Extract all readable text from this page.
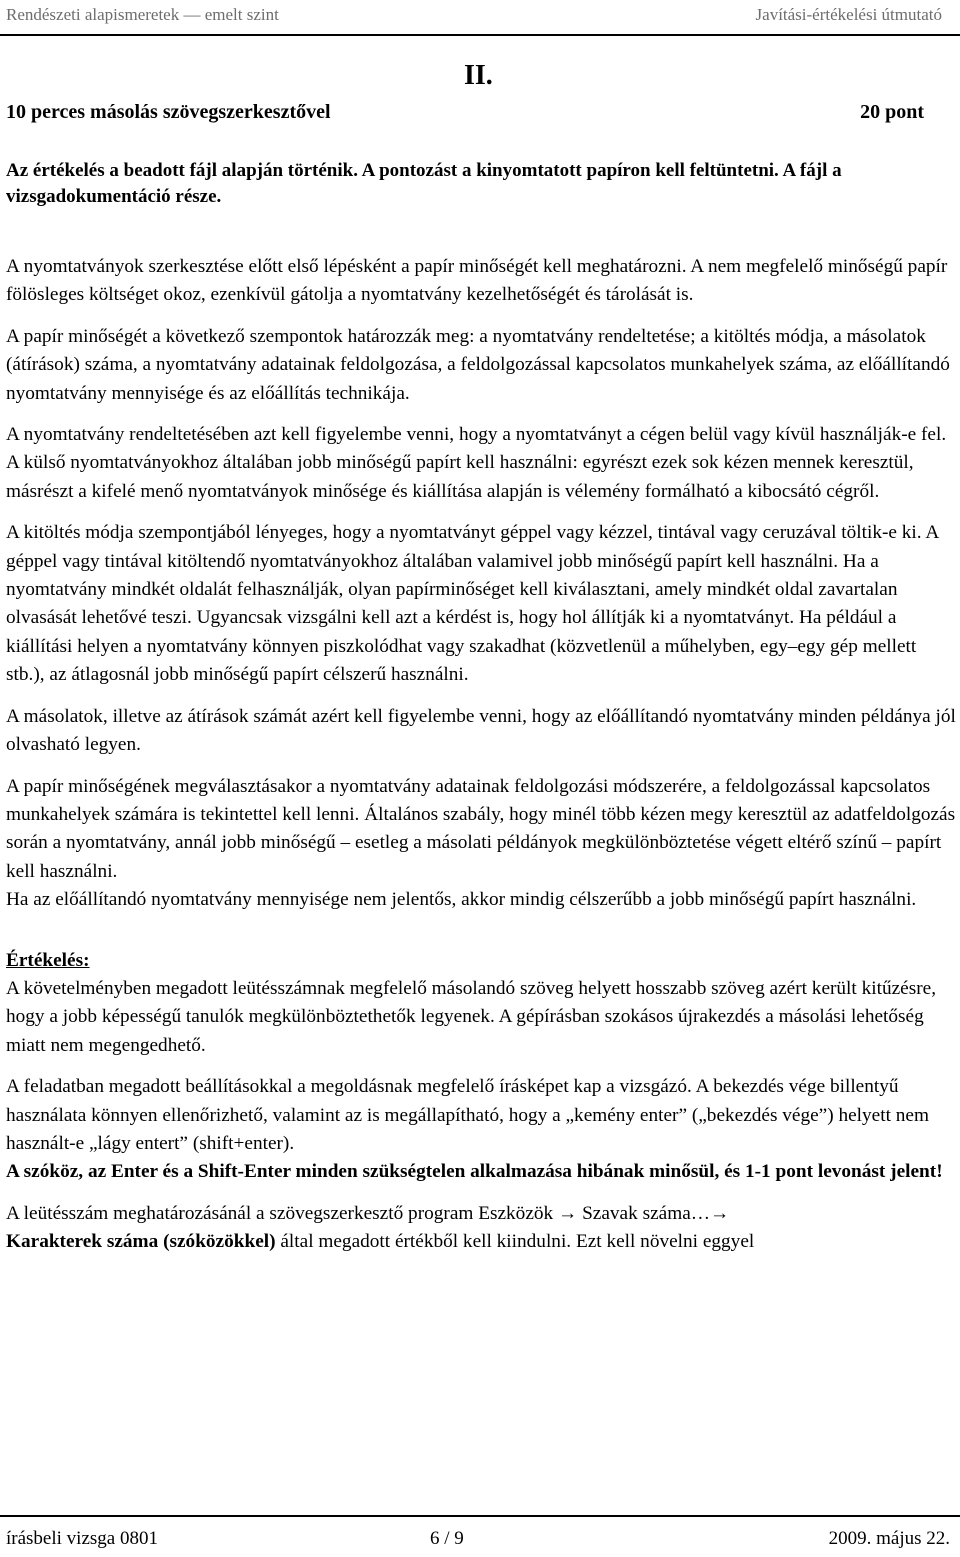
Rendészeti alapismeretek — emelt szint	Javítási-értékelési útmutató
II.
10 perces másolás szövegszerkesztővel	20 pont
Az értékelés a beadott fájl alapján történik. A pontozást a kinyomtatott papíron kell feltüntetni. A fájl a vizsgadokumentáció része.

A nyomtatványok szerkesztése előtt első lépésként a papír minőségét kell meghatározni. A nem megfelelő minőségű papír fölösleges költséget okoz, ezenkívül gátolja a nyomtatvány kezelhetőségét és tárolását is.

A papír minőségét a következő szempontok határozzák meg: a nyomtatvány rendeltetése; a kitöltés módja, a másolatok (átírások) száma, a nyomtatvány adatainak feldolgozása, a feldolgozással kapcsolatos munkahelyek száma, az előállítandó nyomtatvány mennyisége és az előállítás technikája.

A nyomtatvány rendeltetésében azt kell figyelembe venni, hogy a nyomtatványt a cégen belül vagy kívül használják-e fel. A külső nyomtatványokhoz általában jobb minőségű papírt kell használni: egyrészt ezek sok kézen mennek keresztül, másrészt a kifelé menő nyomtatványok minősége és kiállítása alapján is vélemény formálható a kibocsátó cégről.

A kitöltés módja szempontjából lényeges, hogy a nyomtatványt géppel vagy kézzel, tintával vagy ceruzával töltik-e ki. A géppel vagy tintával kitöltendő nyomtatványokhoz általában valamivel jobb minőségű papírt kell használni. Ha a nyomtatvány mindkét oldalát felhasználják, olyan papírminőséget kell kiválasztani, amely mindkét oldal zavartalan olvasását lehetővé teszi. Ugyancsak vizsgálni kell azt a kérdést is, hogy hol állítják ki a nyomtatványt. Ha például a kiállítási helyen a nyomtatvány könnyen piszkolódhat vagy szakadhat (közvetlenül a műhelyben, egy–egy gép mellett stb.), az átlagosnál jobb minőségű papírt célszerű használni.

A másolatok, illetve az átírások számát azért kell figyelembe venni, hogy az előállítandó nyomtatvány minden példánya jól olvasható legyen.

A papír minőségének megválasztásakor a nyomtatvány adatainak feldolgozási módszerére, a feldolgozással kapcsolatos munkahelyek számára is tekintettel kell lenni. Általános szabály, hogy minél több kézen megy keresztül az adatfeldolgozás során a nyomtatvány, annál jobb minőségű – esetleg a másolati példányok megkülönböztetése végett eltérő színű – papírt kell használni.

Ha az előállítandó nyomtatvány mennyisége nem jelentős, akkor mindig célszerűbb a jobb minőségű papírt használni.

Értékelés:

A követelményben megadott leütésszámnak megfelelő másolandó szöveg helyett hosszabb szöveg azért került kitűzésre, hogy a jobb képességű tanulók megkülönböztethetők legyenek. A gépírásban szokásos újrakezdés a másolási lehetőség miatt nem megengedhető.

A feladatban megadott beállításokkal a megoldásnak megfelelő írásképet kap a vizsgázó. A bekezdés vége billentyű használata könnyen ellenőrizhető, valamint az is megállapítható, hogy a „kemény enter” („bekezdés vége”) helyett nem használt-e „lágy entert” (shift+enter).

A szóköz, az Enter és a Shift-Enter minden szükségtelen alkalmazása hibának minősül, és 1-1 pont levonást jelent!

A leütésszám meghatározásánál a szövegszerkesztő program Eszközök → Szavak száma…→
Karakterek száma (szóközökkel) által megadott értékből kell kiindulni. Ezt kell növelni eggyel

írásbeli vizsga 0801	6 / 9	2009. május 22.
